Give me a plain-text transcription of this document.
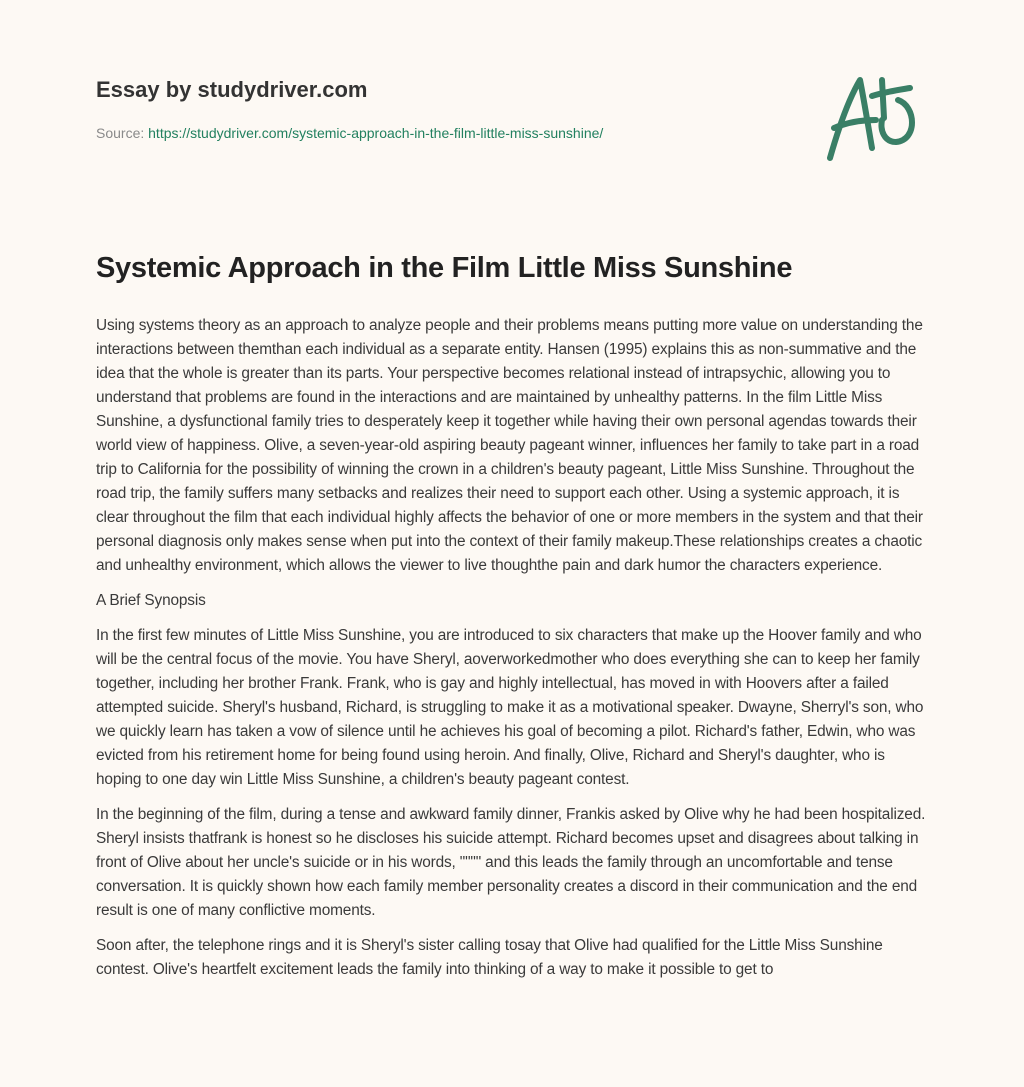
Essay by studydriver.com
Source: https://studydriver.com/systemic-approach-in-the-film-little-miss-sunshine/
Systemic Approach in the Film Little Miss Sunshine

Using systems theory as an approach to analyze people and their problems means putting more value on understanding the interactions between themthan each individual as a separate entity. Hansen (1995) explains this as non-summative and the idea that the whole is greater than its parts. Your perspective becomes relational instead of intrapsychic, allowing you to understand that problems are found in the interactions and are maintained by unhealthy patterns. In the film Little Miss Sunshine, a dysfunctional family tries to desperately keep it together while having their own personal agendas towards their world view of happiness. Olive, a seven-year-old aspiring beauty pageant winner, influences her family to take part in a road trip to California for the possibility of winning the crown in a children's beauty pageant, Little Miss Sunshine. Throughout the road trip, the family suffers many setbacks and realizes their need to support each other. Using a systemic approach, it is clear throughout the film that each individual highly affects the behavior of one or more members in the system and that their personal diagnosis only makes sense when put into the context of their family makeup.These relationships creates a chaotic and unhealthy environment, which allows the viewer to live thoughthe pain and dark humor the characters experience.

A Brief Synopsis

In the first few minutes of Little Miss Sunshine, you are introduced to six characters that make up the Hoover family and who will be the central focus of the movie. You have Sheryl, aoverworkedmother who does everything she can to keep her family together, including her brother Frank. Frank, who is gay and highly intellectual, has moved in with Hoovers after a failed attempted suicide. Sheryl's husband, Richard, is struggling to make it as a motivational speaker. Dwayne, Sherryl's son, who we quickly learn has taken a vow of silence until he achieves his goal of becoming a pilot. Richard's father, Edwin, who was evicted from his retirement home for being found using heroin. And finally, Olive, Richard and Sheryl's daughter, who is hoping to one day win Little Miss Sunshine, a children's beauty pageant contest.

In the beginning of the film, during a tense and awkward family dinner, Frankis asked by Olive why he had been hospitalized. Sheryl insists thatfrank is honest so he discloses his suicide attempt. Richard becomes upset and disagrees about talking in front of Olive about her uncle's suicide or in his words, """" and this leads the family through an uncomfortable and tense conversation. It is quickly shown how each family member personality creates a discord in their communication and the end result is one of many conflictive moments.

Soon after, the telephone rings and it is Sheryl's sister calling tosay that Olive had qualified for the Little Miss Sunshine contest. Olive's heartfelt excitement leads the family into thinking of a way to make it possible to get to
